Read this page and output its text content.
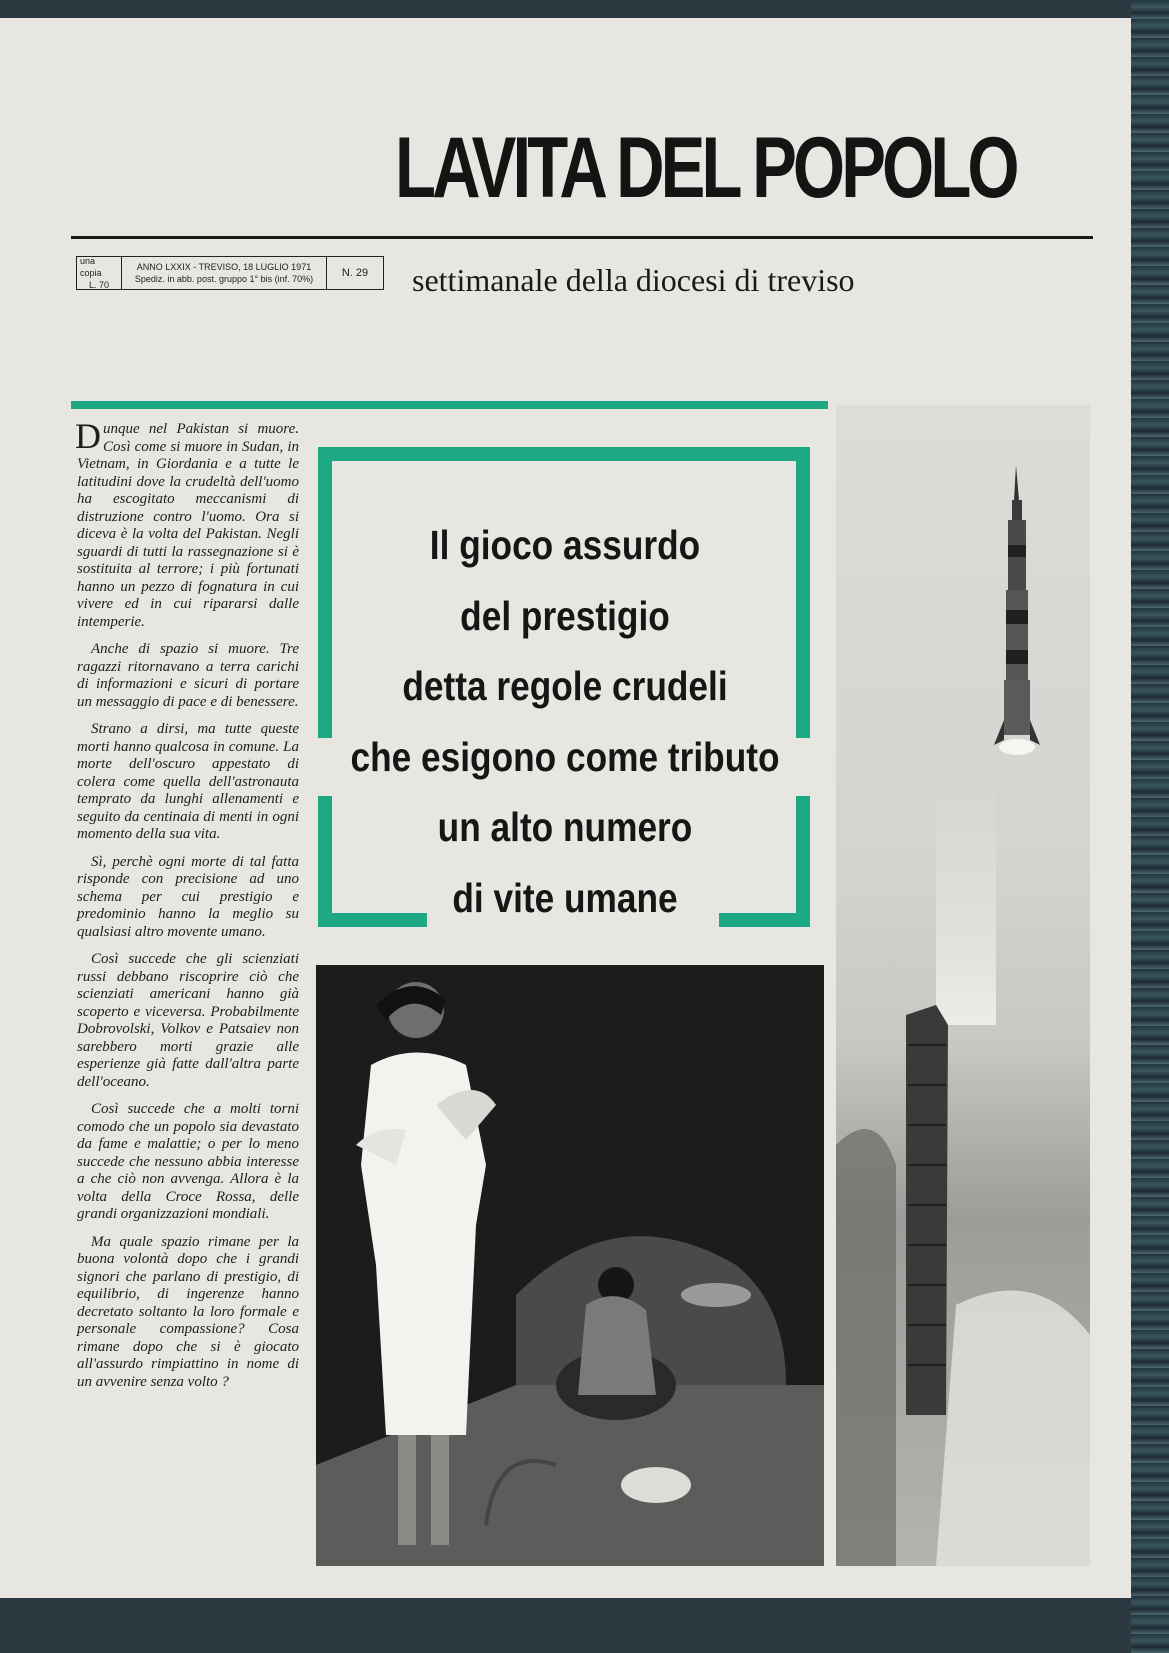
LAVITA DEL POPOLO
una copia
L. 70
ANNO LXXIX - TREVISO, 18 LUGLIO 1971
Spediz. in abb. post. gruppo 1° bis (inf. 70%)	N. 29 settimanale della diocesi di treviso

Dunque nel Pakistan si muore. Così come si muore in Sudan, in Vietnam, in Giordania e a tutte le latitudini dove la crudeltà dell'uomo ha escogitato meccanismi di distruzione contro l'uomo. Ora si diceva è la volta del Pakistan. Negli sguardi di tutti la rassegnazione si è sostituita al terrore; i più fortunati hanno un pezzo di fognatura in cui vivere ed in cui ripararsi dalle intemperie.

Anche di spazio si muore. Tre ragazzi ritornavano a terra carichi di informazioni e sicuri di portare un messaggio di pace e di benessere.

Strano a dirsi, ma tutte queste morti hanno qualcosa in comune. La morte dell'oscuro appestato di colera come quella dell'astronauta temprato da lunghi allenamenti e seguito da centinaia di menti in ogni momento della sua vita.

Sì, perchè ogni morte di tal fatta risponde con precisione ad uno schema per cui prestigio e predominio hanno la meglio su qualsiasi altro movente umano.

Così succede che gli scienziati russi debbano riscoprire ciò che scienziati americani hanno già scoperto e viceversa. Probabilmente Dobrovolski, Volkov e Patsaiev non sarebbero morti grazie alle esperienze già fatte dall'altra parte dell'oceano.

Così succede che a molti torni comodo che un popolo sia devastato da fame e malattie; o per lo meno succede che nessuno abbia interesse a che ciò non avvenga. Allora è la volta della Croce Rossa, delle grandi organizzazioni mondiali.

Ma quale spazio rimane per la buona volontà dopo che i grandi signori che parlano di prestigio, di equilibrio, di ingerenze hanno decretato soltanto la loro formale e personale compassione? Cosa rimane dopo che si è giocato all'assurdo rimpiattino in nome di un avvenire senza volto ?

Il gioco assurdo
del prestigio
detta regole crudeli
che esigono come tributo
un alto numero
di vite umane
